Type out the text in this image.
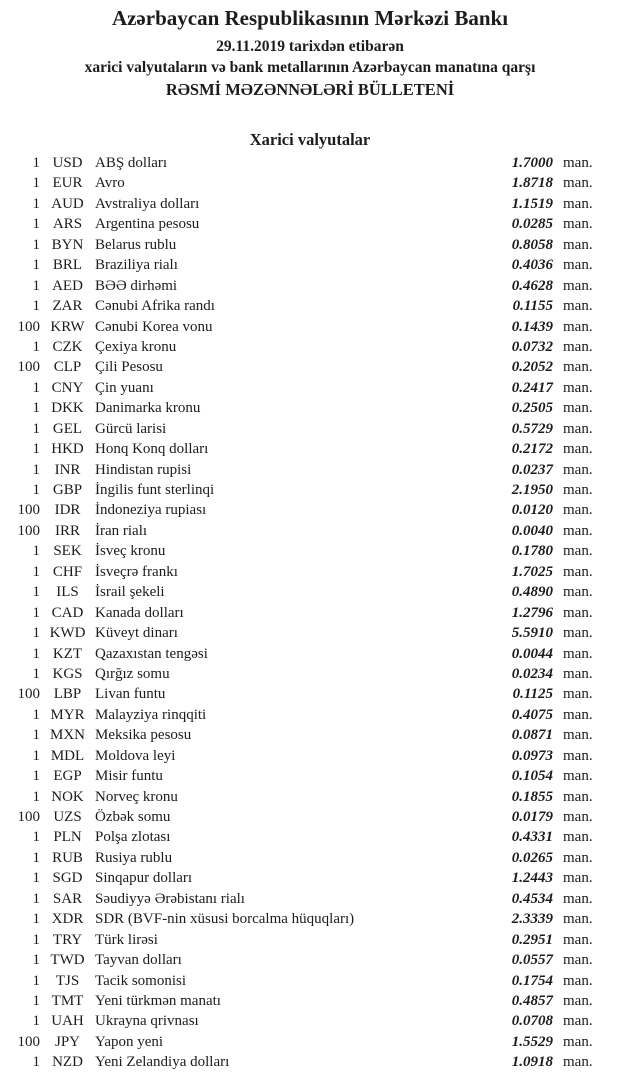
Azərbaycan Respublikasının Mərkəzi Bankı
29.11.2019 tarixdən etibarən
xarici valyutaların və bank metallarının Azərbaycan manatına qarşı
RƏSMİ MƏZƏNNƏLƏRİ BÜLLETENİ
Xarici valyutalar
1 USD ABŞ dolları	1.7000 man.
1 EUR Avro	1.8718 man.
1 AUD Avstraliya dolları	1.1519 man.
1 ARS Argentina pesosu	0.0285 man.
1 BYN Belarus rublu	0.8058 man.
1 BRL Braziliya rialı	0.4036 man.
1 AED BƏƏ dirhəmi	0.4628 man.
1 ZAR Cənubi Afrika randı	0.1155 man.
100 KRW Cənubi Korea vonu	0.1439 man.
1 CZK Çexiya kronu	0.0732 man.
100 CLP Çili Pesosu	0.2052 man.
1 CNY Çin yuanı	0.2417 man.
1 DKK Danimarka kronu	0.2505 man.
1 GEL Gürcü larisi	0.5729 man.
1 HKD Honq Konq dolları	0.2172 man.
1 INR Hindistan rupisi	0.0237 man.
1 GBP İngilis funt sterlinqi	2.1950 man.
100 IDR İndoneziya rupiası	0.0120 man.
100 IRR	İran rialı	0.0040 man.
1 SEK İsveç kronu	0.1780 man.
1 CHF İsveçrə frankı	1.7025 man.
1	ILS	İsrail şekeli	0.4890 man.
1 CAD Kanada dolları	1.2796 man.
1 KWD Küveyt dinarı	5.5910 man.
1 KZT Qazaxıstan tengəsi	0.0044 man.
1 KGS Qırğız somu	0.0234 man.
100 LBP Livan funtu	0.1125 man.
1 MYR Malayziya rinqqiti	0.4075 man.
1 MXN Meksika pesosu	0.0871 man.
1 MDL Moldova leyi	0.0973 man.
1 EGP Misir funtu	0.1054 man.
1 NOK Norveç kronu	0.1855 man.
100 UZS Özbək somu	0.0179 man.
1 PLN Polşa zlotası	0.4331 man.
1 RUB Rusiya rublu	0.0265 man.
1 SGD Sinqapur dolları	1.2443 man.
1 SAR Səudiyyə Ərəbistanı rialı	0.4534 man.
1 XDR SDR (BVF-nin xüsusi borcalma hüquqları)	2.3339 man.
1 TRY Türk lirəsi	0.2951 man.
1 TWD Tayvan dolları	0.0557 man.
1	TJS	Tacik somonisi	0.1754 man.
1 TMT Yeni türkmən manatı	0.4857 man.
1 UAH Ukrayna qrivnası	0.0708 man.
100 JPY	Yapon yeni	1.5529 man.
1 NZD Yeni Zelandiya dolları	1.0918 man.
